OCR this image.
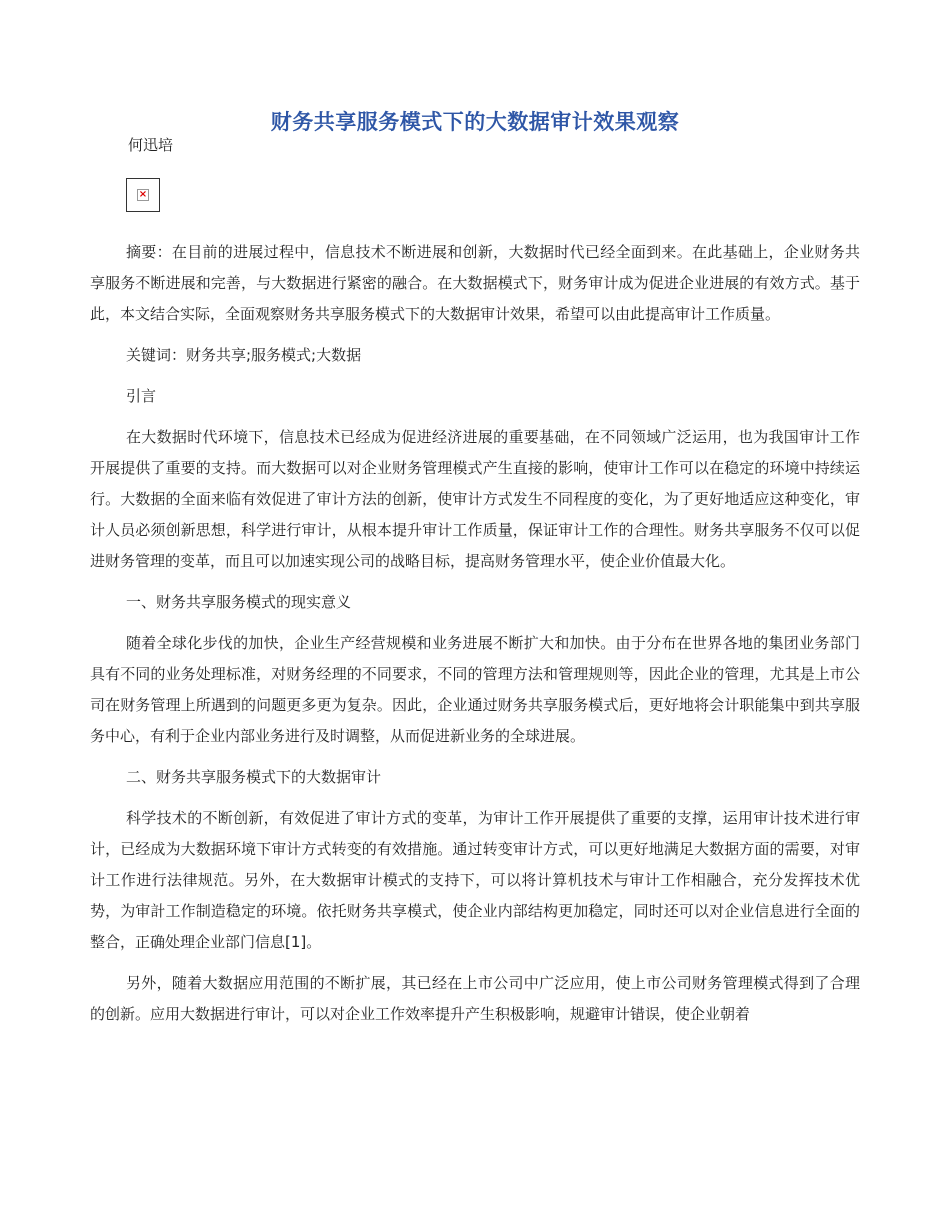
财务共享服务模式下的大数据审计效果观察
何迅培
×

摘要：在目前的进展过程中，信息技术不断进展和创新，大数据时代已经全面到来。在此基础上，企业财务共享服务不断进展和完善，与大数据进行紧密的融合。在大数据模式下，财务审计成为促进企业进展的有效方式。基于此，本文结合实际，全面观察财务共享服务模式下的大数据审计效果，希望可以由此提高审计工作质量。

关键词：财务共享;服务模式;大数据

引言

在大数据时代环境下，信息技术已经成为促进经济进展的重要基础，在不同领域广泛运用，也为我国审计工作开展提供了重要的支持。而大数据可以对企业财务管理模式产生直接的影响，使审计工作可以在稳定的环境中持续运行。大数据的全面来临有效促进了审计方法的创新，使审计方式发生不同程度的变化，为了更好地适应这种变化，审计人员必须创新思想，科学进行审计，从根本提升审计工作质量，保证审计工作的合理性。财务共享服务不仅可以促进财务管理的变革，而且可以加速实现公司的战略目标，提高财务管理水平，使企业价值最大化。

一、财务共享服务模式的现实意义

随着全球化步伐的加快，企业生产经营规模和业务进展不断扩大和加快。由于分布在世界各地的集团业务部门具有不同的业务处理标准，对财务经理的不同要求，不同的管理方法和管理规则等，因此企业的管理，尤其是上市公司在财务管理上所遇到的问题更多更为复杂。因此，企业通过财务共享服务模式后，更好地将会计职能集中到共享服务中心，有利于企业内部业务进行及时调整，从而促进新业务的全球进展。

二、财务共享服务模式下的大数据审计

科学技术的不断创新，有效促进了审计方式的变革，为审计工作开展提供了重要的支撑，运用审计技术进行审计，已经成为大数据环境下审计方式转变的有效措施。通过转变审计方式，可以更好地满足大数据方面的需要，对审计工作进行法律规范。另外，在大数据审计模式的支持下，可以将计算机技术与审计工作相融合，充分发挥技术优势，为审計工作制造稳定的环境。依托财务共享模式，使企业内部结构更加稳定，同时还可以对企业信息进行全面的整合，正确处理企业部门信息[1]。

另外，随着大数据应用范围的不断扩展，其已经在上市公司中广泛应用，使上市公司财务管理模式得到了合理的创新。应用大数据进行审计，可以对企业工作效率提升产生积极影响，规避审计错误，使企业朝着
